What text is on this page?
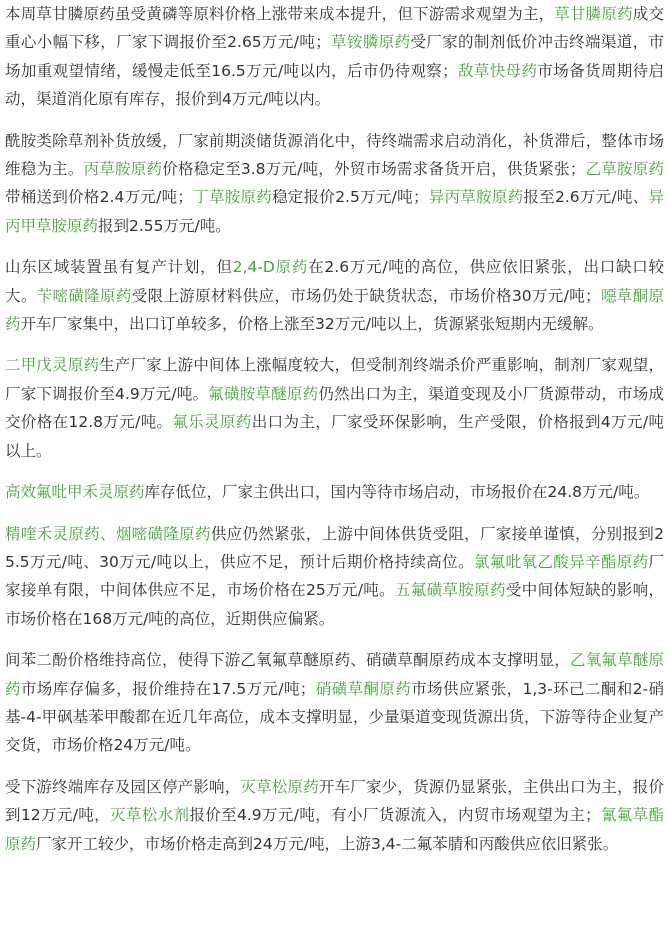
本周草甘膦原药虽受黄磷等原料价格上涨带来成本提升，但下游需求观望为主，草甘膦原药成交重心小幅下移，厂家下调报价至2.65万元/吨；草铵膦原药受厂家的制剂低价冲击终端渠道，市场加重观望情绪，缓慢走低至16.5万元/吨以内，后市仍待观察；敌草快母药市场备货周期待启动，渠道消化原有库存，报价到4万元/吨以内。

酰胺类除草剂补货放缓，厂家前期淡储货源消化中，待终端需求启动消化，补货滞后，整体市场维稳为主。丙草胺原药价格稳定至3.8万元/吨，外贸市场需求备货开启，供货紧张；乙草胺原药带桶送到价格2.4万元/吨；丁草胺原药稳定报价2.5万元/吨；异丙草胺原药报至2.6万元/吨、异丙甲草胺原药报到2.55万元/吨。

山东区域装置虽有复产计划，但2,4-D原药在2.6万元/吨的高位，供应依旧紧张，出口缺口较大。苄嘧磺隆原药受限上游原材料供应，市场仍处于缺货状态，市场价格30万元/吨；噁草酮原药开车厂家集中，出口订单较多，价格上涨至32万元/吨以上，货源紧张短期内无缓解。

二甲戊灵原药生产厂家上游中间体上涨幅度较大，但受制剂终端杀价严重影响，制剂厂家观望，厂家下调报价至4.9万元/吨。氟磺胺草醚原药仍然出口为主，渠道变现及小厂货源带动，市场成交价格在12.8万元/吨。氟乐灵原药出口为主，厂家受环保影响，生产受限，价格报到4万元/吨以上。

高效氟吡甲禾灵原药库存低位，厂家主供出口，国内等待市场启动，市场报价在24.8万元/吨。

精喹禾灵原药、烟嘧磺隆原药供应仍然紧张，上游中间体供货受阻，厂家接单谨慎，分别报到25.5万元/吨、30万元/吨以上，供应不足，预计后期价格持续高位。氯氟吡氧乙酸异辛酯原药厂家接单有限，中间体供应不足，市场价格在25万元/吨。五氟磺草胺原药受中间体短缺的影响，市场价格在168万元/吨的高位，近期供应偏紧。

间苯二酚价格维持高位，使得下游乙氧氟草醚原药、硝磺草酮原药成本支撑明显，乙氧氟草醚原药市场库存偏多，报价维持在17.5万元/吨；硝磺草酮原药市场供应紧张，1,3-环己二酮和2-硝基-4-甲砜基苯甲酸都在近几年高位，成本支撑明显，少量渠道变现货源出货，下游等待企业复产交货，市场价格24万元/吨。

受下游终端库存及园区停产影响，灭草松原药开车厂家少，货源仍显紧张，主供出口为主，报价到12万元/吨，灭草松水剂报价至4.9万元/吨，有小厂货源流入，内贸市场观望为主；氰氟草酯原药厂家开工较少，市场价格走高到24万元/吨，上游3,4-二氟苯腈和丙酸供应依旧紧张。
